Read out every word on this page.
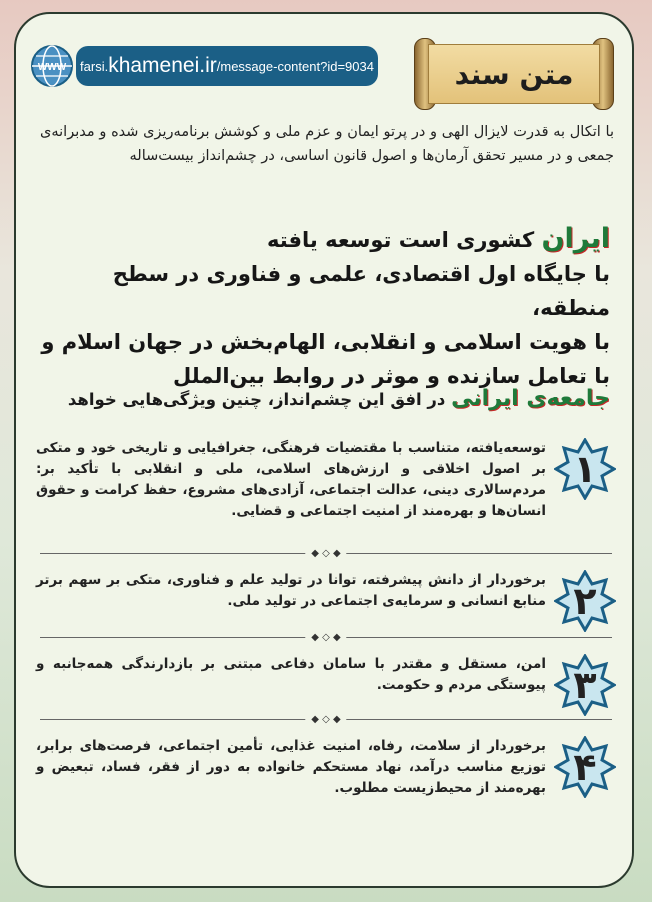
WWW farsi. khamenei.ir /message-content?id=9034	متن سند
با اتکال به قدرت لایزال الهی و در پرتو ایمان و عزم ملی و کوشش برنامه‌ریزی شده و مدبرانه‌ی جمعی و در مسیر تحقق آرمان‌ها و اصول قانون اساسی، در چشم‌انداز بیست‌ساله
ایران کشوری است توسعه یافته
با جایگاه اول اقتصادی، علمی و فناوری در سطح منطقه،
با هویت اسلامی و انقلابی، الهام‌بخش در جهان اسلام و
با تعامل سازنده و موثر در روابط بین‌الملل
جامعه‌ی ایرانی در افق این چشم‌انداز، چنین ویژگی‌هایی خواهد
۱
توسعه‌یافته، متناسب با مقتضیات فرهنگی، جغرافیایی و تاریخی خود و متکی بر اصول اخلاقی و ارزش‌های اسلامی، ملی و انقلابی با تأکید بر: مردم‌سالاری دینی، عدالت اجتماعی، آزادی‌های مشروع، حفظ کرامت و حقوق انسان‌ها و بهره‌مند از امنیت اجتماعی و قضایی.
◆ ◇ ◆
۲
برخوردار از دانش پیشرفته، توانا در تولید علم و فناوری، متکی بر سهم برتر منابع انسانی و سرمایه‌ی اجتماعی در تولید ملی.
◆ ◇ ◆
۳
امن، مستقل و مقتدر با سامان دفاعی مبتنی بر بازدارندگی همه‌جانبه و پیوستگی مردم و حکومت.
◆ ◇ ◆
۴
برخوردار از سلامت، رفاه، امنیت غذایی، تأمین اجتماعی، فرصت‌های برابر، توزیع مناسب درآمد، نهاد مستحکم خانواده به دور از فقر، فساد، تبعیض و بهره‌مند از محیط‌زیست مطلوب.
